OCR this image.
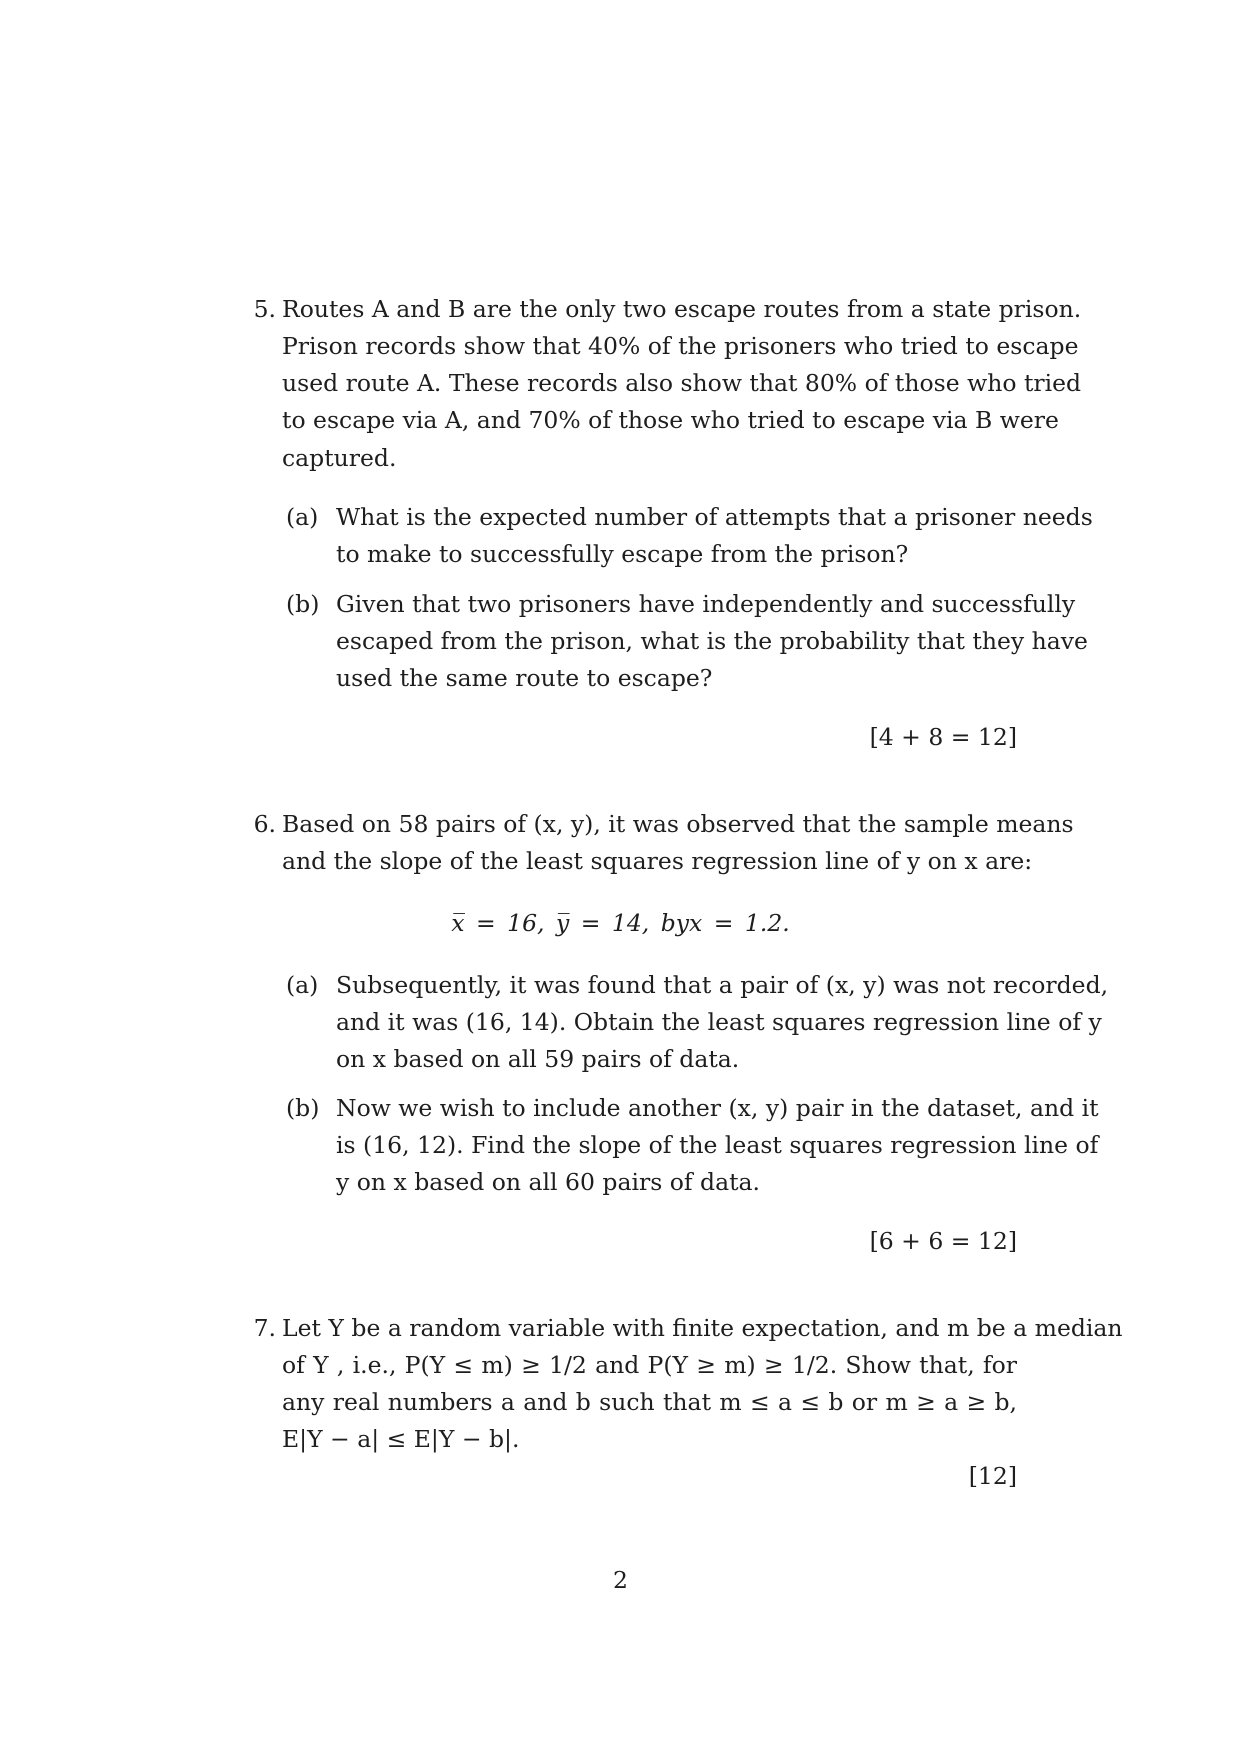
5. Routes A and B are the only two escape routes from a state prison.
Prison records show that 40% of the prisoners who tried to escape
used route A. These records also show that 80% of those who tried
to escape via A, and 70% of those who tried to escape via B were
captured.
(a) What is the expected number of attempts that a prisoner needs
to make to successfully escape from the prison?
(b) Given that two prisoners have independently and successfully
escaped from the prison, what is the probability that they have
used the same route to escape?
[4 + 8 = 12]
6. Based on 58 pairs of (x, y), it was observed that the sample means
and the slope of the least squares regression line of y on x are:
x̅ = 16, y̅ = 14, byx = 1.2.
(a) Subsequently, it was found that a pair of (x, y) was not recorded,
and it was (16, 14). Obtain the least squares regression line of y
on x based on all 59 pairs of data.
(b) Now we wish to include another (x, y) pair in the dataset, and it
is (16, 12). Find the slope of the least squares regression line of
y on x based on all 60 pairs of data.
[6 + 6 = 12]
7. Let Y be a random variable with finite expectation, and m be a median
of Y , i.e., P(Y ≤ m) ≥ 1/2 and P(Y ≥ m) ≥ 1/2. Show that, for
any real numbers a and b such that m ≤ a ≤ b or m ≥ a ≥ b,
E|Y − a| ≤ E|Y − b|.
[12]
2
